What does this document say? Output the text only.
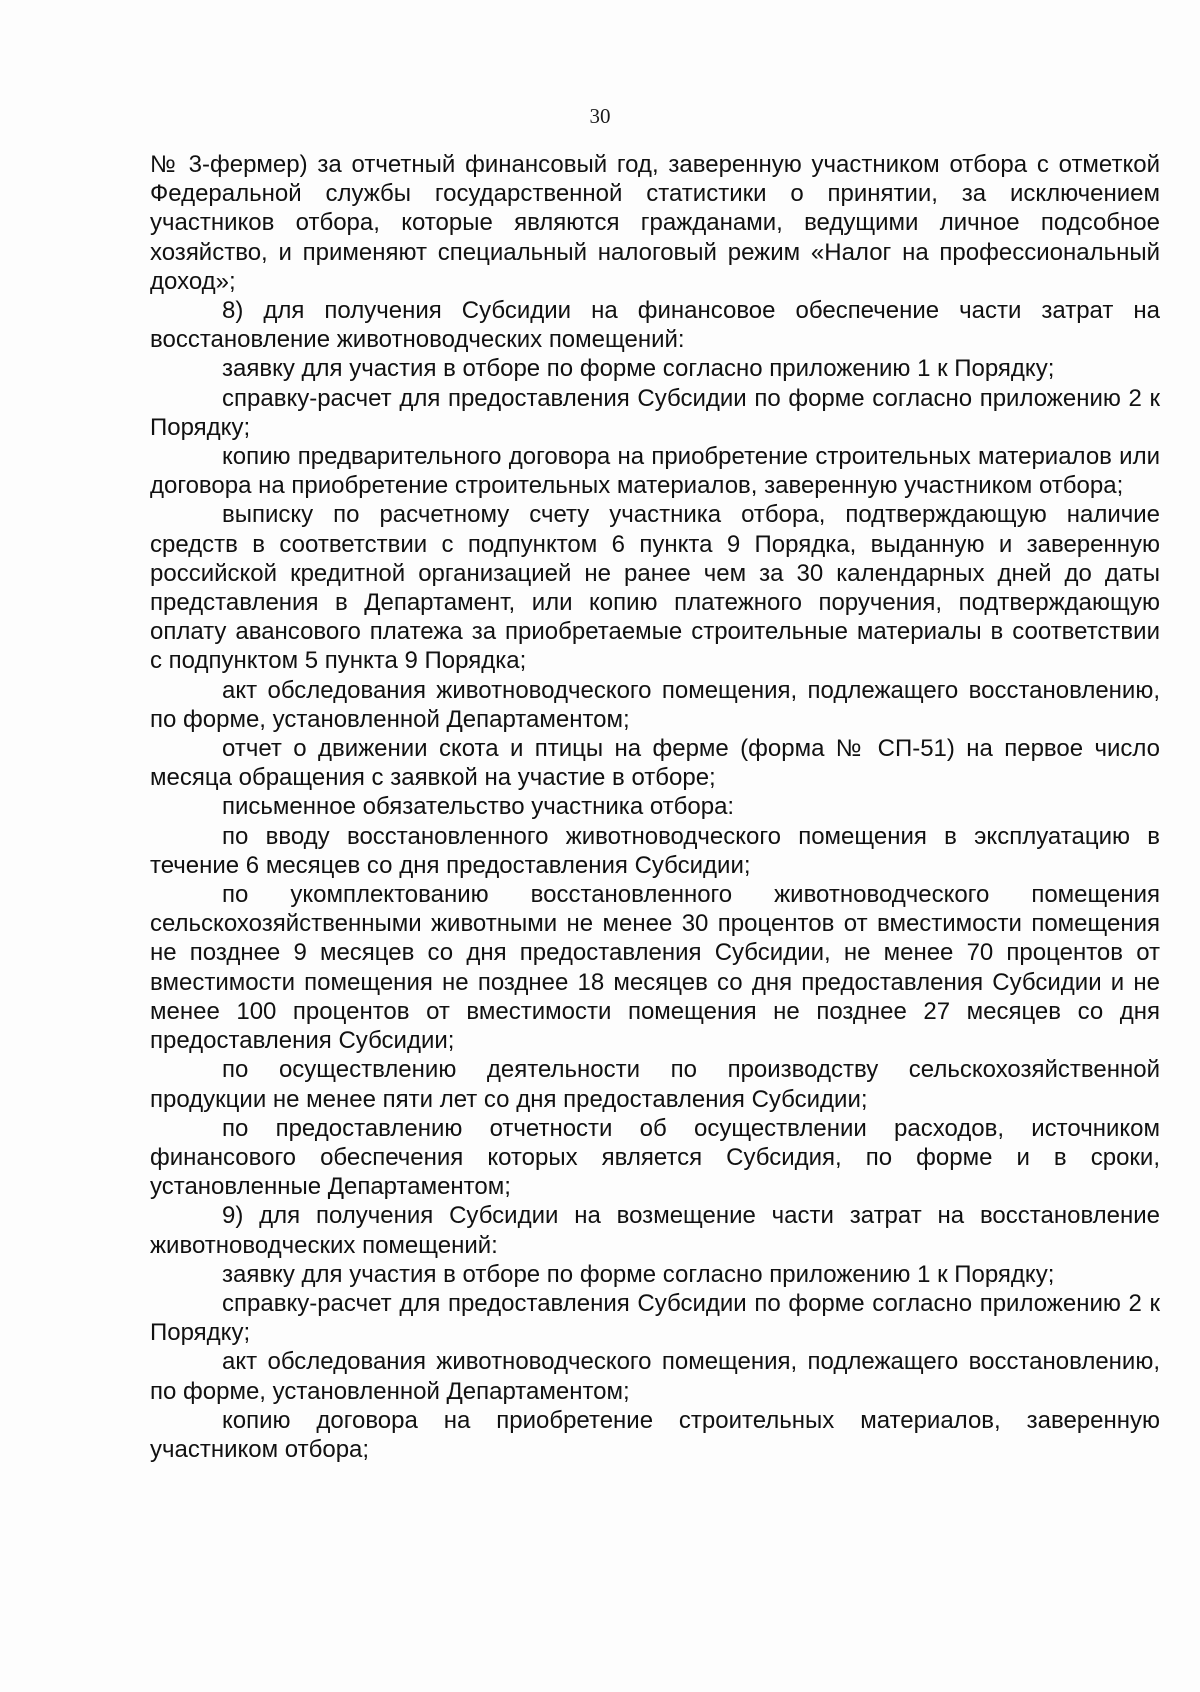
30

№ 3-фермер) за отчетный финансовый год, заверенную участником отбора с отметкой Федеральной службы государственной статистики о принятии, за исключением участников отбора, которые являются гражданами, ведущими личное подсобное хозяйство, и применяют специальный налоговый режим «Налог на профессиональный доход»;

8) для получения Субсидии на финансовое обеспечение части затрат на восстановление животноводческих помещений:

заявку для участия в отборе по форме согласно приложению 1 к Порядку;

справку-расчет для предоставления Субсидии по форме согласно приложению 2 к Порядку;

копию предварительного договора на приобретение строительных материалов или договора на приобретение строительных материалов, заверенную участником отбора;

выписку по расчетному счету участника отбора, подтверждающую наличие средств в соответствии с подпунктом 6 пункта 9 Порядка, выданную и заверенную российской кредитной организацией не ранее чем за 30 календарных дней до даты представления в Департамент, или копию платежного поручения, подтверждающую оплату авансового платежа за приобретаемые строительные материалы в соответствии с подпунктом 5 пункта 9 Порядка;

акт обследования животноводческого помещения, подлежащего восстановлению, по форме, установленной Департаментом;

отчет о движении скота и птицы на ферме (форма № СП-51) на первое число месяца обращения с заявкой на участие в отборе;

письменное обязательство участника отбора:

по вводу восстановленного животноводческого помещения в эксплуатацию в течение 6 месяцев со дня предоставления Субсидии;

по укомплектованию восстановленного животноводческого помещения сельскохозяйственными животными не менее 30 процентов от вместимости помещения не позднее 9 месяцев со дня предоставления Субсидии, не менее 70 процентов от вместимости помещения не позднее 18 месяцев со дня предоставления Субсидии и не менее 100 процентов от вместимости помещения не позднее 27 месяцев со дня предоставления Субсидии;

по осуществлению деятельности по производству сельскохозяйственной продукции не менее пяти лет со дня предоставления Субсидии;

по предоставлению отчетности об осуществлении расходов, источником финансового обеспечения которых является Субсидия, по форме и в сроки, установленные Департаментом;

9) для получения Субсидии на возмещение части затрат на восстановление животноводческих помещений:

заявку для участия в отборе по форме согласно приложению 1 к Порядку;

справку-расчет для предоставления Субсидии по форме согласно приложению 2 к Порядку;

акт обследования животноводческого помещения, подлежащего восстановлению, по форме, установленной Департаментом;

копию договора на приобретение строительных материалов, заверенную участником отбора;
